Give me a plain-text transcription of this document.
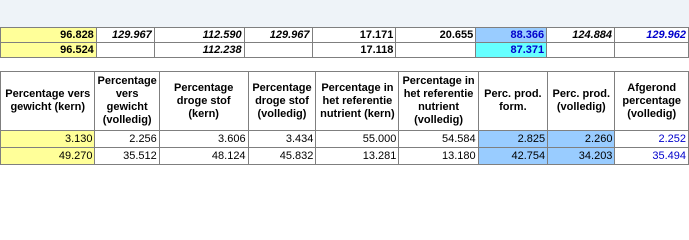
96.828	129.967	112.590	129.967	17.171	20.655	88.366	124.884	129.962
96.524		112.238		17.118		87.371		
Percentage vers gewicht (kern)	Percentage vers gewicht (volledig)	Percentage droge stof (kern)	Percentage droge stof (volledig)	Percentage in het referentie nutrient (kern)	Percentage in het referentie nutrient (volledig)	Perc. prod. form.	Perc. prod. (volledig)	Afgerond percentage (volledig)
3.130	2.256	3.606	3.434	55.000	54.584	2.825	2.260	2.252
49.270	35.512	48.124	45.832	13.281	13.180	42.754	34.203	35.494
